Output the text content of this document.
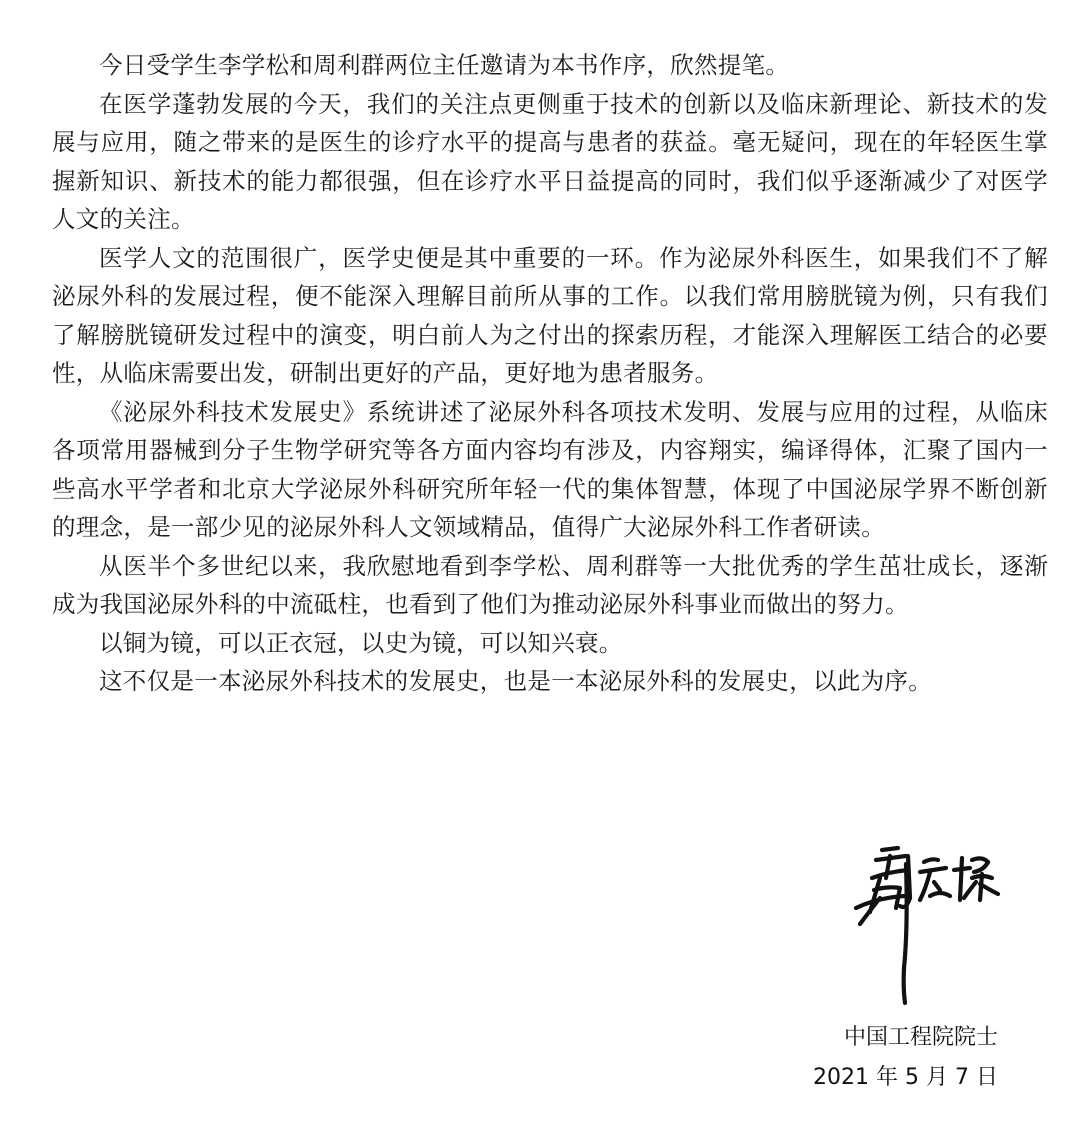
今日受学生李学松和周利群两位主任邀请为本书作序，欣然提笔。

在医学蓬勃发展的今天，我们的关注点更侧重于技术的创新以及临床新理论、新技术的发展与应用，随之带来的是医生的诊疗水平的提高与患者的获益。毫无疑问，现在的年轻医生掌握新知识、新技术的能力都很强，但在诊疗水平日益提高的同时，我们似乎逐渐减少了对医学人文的关注。

医学人文的范围很广，医学史便是其中重要的一环。作为泌尿外科医生，如果我们不了解泌尿外科的发展过程，便不能深入理解目前所从事的工作。以我们常用膀胱镜为例，只有我们了解膀胱镜研发过程中的演变，明白前人为之付出的探索历程，才能深入理解医工结合的必要性，从临床需要出发，研制出更好的产品，更好地为患者服务。

《泌尿外科技术发展史》系统讲述了泌尿外科各项技术发明、发展与应用的过程，从临床各项常用器械到分子生物学研究等各方面内容均有涉及，内容翔实，编译得体，汇聚了国内一些高水平学者和北京大学泌尿外科研究所年轻一代的集体智慧，体现了中国泌尿学界不断创新的理念，是一部少见的泌尿外科人文领域精品，值得广大泌尿外科工作者研读。

从医半个多世纪以来，我欣慰地看到李学松、周利群等一大批优秀的学生茁壮成长，逐渐成为我国泌尿外科的中流砥柱，也看到了他们为推动泌尿外科事业而做出的努力。

以铜为镜，可以正衣冠，以史为镜，可以知兴衰。

这不仅是一本泌尿外科技术的发展史，也是一本泌尿外科的发展史，以此为序。

中国工程院院士
2021 年 5 月 7 日
